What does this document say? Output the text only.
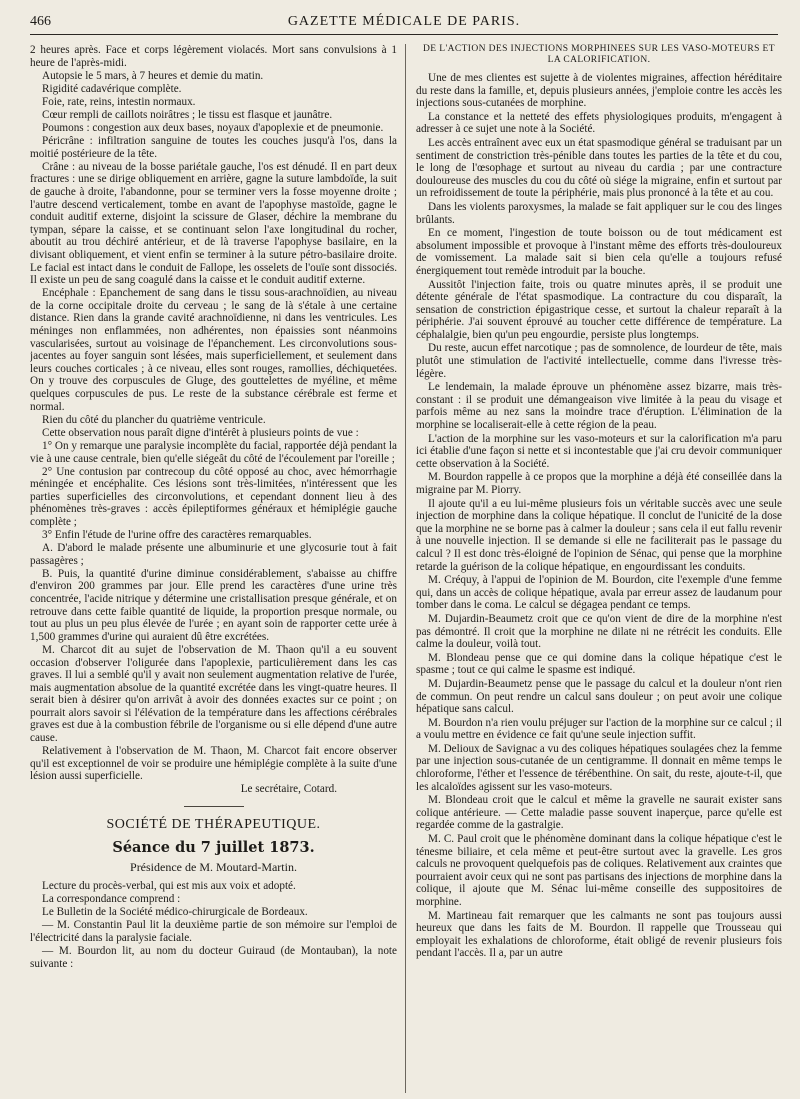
466	GAZETTE MÉDICALE DE PARIS.

2 heures après. Face et corps légèrement violacés. Mort sans convulsions à 1 heure de l'après-midi.

Autopsie le 5 mars, à 7 heures et demie du matin.

Rigidité cadavérique complète.

Foie, rate, reins, intestin normaux.

Cœur rempli de caillots noirâtres ; le tissu est flasque et jaunâtre.

Poumons : congestion aux deux bases, noyaux d'apoplexie et de pneumonie.

Péricrâne : infiltration sanguine de toutes les couches jusqu'à l'os, dans la moitié postérieure de la tête.

Crâne : au niveau de la bosse pariétale gauche, l'os est dénudé. Il en part deux fractures : une se dirige obliquement en arrière, gagne la suture lambdoïde, la suit de gauche à droite, l'abandonne, pour se terminer vers la fosse moyenne droite ; l'autre descend verticalement, tombe en avant de l'apophyse mastoïde, gagne le conduit auditif externe, disjoint la scissure de Glaser, déchire la membrane du tympan, sépare la caisse, et se continuant selon l'axe longitudinal du rocher, aboutit au trou déchiré antérieur, et de là traverse l'apophyse basilaire, en la divisant obliquement, et vient enfin se terminer à la suture pétro-basilaire droite. Le facial est intact dans le conduit de Fallope, les osselets de l'ouïe sont dissociés. Il existe un peu de sang coagulé dans la caisse et le conduit auditif externe.

Encéphale : Epanchement de sang dans le tissu sous-arachnoïdien, au niveau de la corne occipitale droite du cerveau ; le sang de là s'étale à une certaine distance. Rien dans la grande cavité arachnoïdienne, ni dans les ventricules. Les méninges non enflammées, non adhérentes, non épaissies sont néanmoins vascularisées, surtout au voisinage de l'épanchement. Les circonvolutions sous-jacentes au foyer sanguin sont lésées, mais superficiellement, et seulement dans leurs couches corticales ; à ce niveau, elles sont rouges, ramollies, déchiquetées. On y trouve des corpuscules de Gluge, des gouttelettes de myéline, et même quelques corpuscules de pus. Le reste de la substance cérébrale est ferme et normal.

Rien du côté du plancher du quatrième ventricule.

Cette observation nous paraît digne d'intérêt à plusieurs points de vue :

1° On y remarque une paralysie incomplète du facial, rapportée déjà pendant la vie à une cause centrale, bien qu'elle siégeât du côté de l'écoulement par l'oreille ;

2° Une contusion par contrecoup du côté opposé au choc, avec hémorrhagie méningée et encéphalite. Ces lésions sont très-limitées, n'intéressent que les parties superficielles des circonvolutions, et cependant donnent lieu à des phénomènes très-graves : accès épileptiformes généraux et hémiplégie gauche complète ;

3° Enfin l'étude de l'urine offre des caractères remarquables.

A. D'abord le malade présente une albuminurie et une glycosurie tout à fait passagères ;

B. Puis, la quantité d'urine diminue considérablement, s'abaisse au chiffre d'environ 200 grammes par jour. Elle prend les caractères d'une urine très concentrée, l'acide nitrique y détermine une cristallisation presque générale, et on retrouve dans cette faible quantité de liquide, la proportion presque normale, ou tout au plus un peu plus élevée de l'urée ; en ayant soin de rapporter cette urée à 1,500 grammes d'urine qui auraient dû être excrétées.

M. Charcot dit au sujet de l'observation de M. Thaon qu'il a eu souvent occasion d'observer l'oligurée dans l'apoplexie, particulièrement dans les cas graves. Il lui a semblé qu'il y avait non seulement augmentation relative de l'urée, mais augmentation absolue de la quantité excrétée dans les vingt-quatre heures. Il serait bien à désirer qu'on arrivât à avoir des données exactes sur ce point ; on pourrait alors savoir si l'élévation de la température dans les affections cérébrales graves est due à la combustion fébrile de l'organisme ou si elle dépend d'une autre cause.

Relativement à l'observation de M. Thaon, M. Charcot fait encore observer qu'il est exceptionnel de voir se produire une hémiplégie complète à la suite d'une lésion aussi superficielle.

Le secrétaire, Cotard.

SOCIÉTÉ DE THÉRAPEUTIQUE.
Séance du 7 juillet 1873.
Présidence de M. Moutard-Martin.

Lecture du procès-verbal, qui est mis aux voix et adopté.

La correspondance comprend :

Le Bulletin de la Société médico-chirurgicale de Bordeaux.

— M. Constantin Paul lit la deuxième partie de son mémoire sur l'emploi de l'électricité dans la paralysie faciale.

— M. Bourdon lit, au nom du docteur Guiraud (de Montauban), la note suivante :

DE L'ACTION DES INJECTIONS MORPHINÉES SUR LES VASO-MOTEURS ET LA CALORIFICATION.

Une de mes clientes est sujette à de violentes migraines, affection héréditaire du reste dans la famille, et, depuis plusieurs années, j'emploie contre les accès les injections sous-cutanées de morphine.

La constance et la netteté des effets physiologiques produits, m'engagent à adresser à ce sujet une note à la Société.

Les accès entraînent avec eux un état spasmodique général se traduisant par un sentiment de constriction très-pénible dans toutes les parties de la tête et du cou, le long de l'œsophage et surtout au niveau du cardia ; par une contracture douloureuse des muscles du cou du côté où siége la migraine, enfin et surtout par un refroidissement de toute la périphérie, mais plus prononcé à la tête et au cou.

Dans les violents paroxysmes, la malade se fait appliquer sur le cou des linges brûlants.

En ce moment, l'ingestion de toute boisson ou de tout médicament est absolument impossible et provoque à l'instant même des efforts très-douloureux de vomissement. La malade sait si bien cela qu'elle a toujours refusé énergiquement tout remède introduit par la bouche.

Aussitôt l'injection faite, trois ou quatre minutes après, il se produit une détente générale de l'état spasmodique. La contracture du cou disparaît, la sensation de constriction épigastrique cesse, et surtout la chaleur reparaît à la périphérie. J'ai souvent éprouvé au toucher cette différence de température. La céphalalgie, bien qu'un peu engourdie, persiste plus longtemps.

Du reste, aucun effet narcotique ; pas de somnolence, de lourdeur de tête, mais plutôt une stimulation de l'activité intellectuelle, comme dans l'ivresse très-légère.

Le lendemain, la malade éprouve un phénomène assez bizarre, mais très-constant : il se produit une démangeaison vive limitée à la peau du visage et parfois même au nez sans la moindre trace d'éruption. L'élimination de la morphine se localiserait-elle à cette région de la peau.

L'action de la morphine sur les vaso-moteurs et sur la calorification m'a paru ici établie d'une façon si nette et si incontestable que j'ai cru devoir communiquer cette observation à la Société.

M. Bourdon rappelle à ce propos que la morphine a déjà été conseillée dans la migraine par M. Piorry.

Il ajoute qu'il a eu lui-même plusieurs fois un véritable succès avec une seule injection de morphine dans la colique hépatique. Il conclut de l'unicité de la dose que la morphine ne se borne pas à calmer la douleur ; sans cela il eut fallu revenir à une nouvelle injection. Il se demande si elle ne faciliterait pas le passage du calcul ? Il est donc très-éloigné de l'opinion de Sénac, qui pense que la morphine retarde la guérison de la colique hépatique, en engourdissant les conduits.

M. Créquy, à l'appui de l'opinion de M. Bourdon, cite l'exemple d'une femme qui, dans un accès de colique hépatique, avala par erreur assez de laudanum pour tomber dans le coma. Le calcul se dégagea pendant ce temps.

M. Dujardin-Beaumetz croit que ce qu'on vient de dire de la morphine n'est pas démontré. Il croit que la morphine ne dilate ni ne rétrécit les conduits. Elle calme la douleur, voilà tout.

M. Blondeau pense que ce qui domine dans la colique hépatique c'est le spasme ; tout ce qui calme le spasme est indiqué.

M. Dujardin-Beaumetz pense que le passage du calcul et la douleur n'ont rien de commun. On peut rendre un calcul sans douleur ; on peut avoir une colique hépatique sans calcul.

M. Bourdon n'a rien voulu préjuger sur l'action de la morphine sur ce calcul ; il a voulu mettre en évidence ce fait qu'une seule injection suffit.

M. Delioux de Savignac a vu des coliques hépatiques soulagées chez la femme par une injection sous-cutanée de un centigramme. Il donnait en même temps le chloroforme, l'éther et l'essence de térébenthine. On sait, du reste, ajoute-t-il, que les alcaloïdes agissent sur les vaso-moteurs.

M. Blondeau croit que le calcul et même la gravelle ne saurait exister sans colique antérieure. — Cette maladie passe souvent inaperçue, parce qu'elle est regardée comme de la gastralgie.

M. C. Paul croit que le phénomène dominant dans la colique hépatique c'est le ténesme biliaire, et cela même et peut-être surtout avec la gravelle. Les gros calculs ne provoquent quelquefois pas de coliques. Relativement aux craintes que pourraient avoir ceux qui ne sont pas partisans des injections de morphine dans la colique, il ajoute que M. Sénac lui-même conseille des suppositoires de morphine.

M. Martineau fait remarquer que les calmants ne sont pas toujours aussi heureux que dans les faits de M. Bourdon. Il rappelle que Trousseau qui employait les exhalations de chloroforme, était obligé de revenir plusieurs fois pendant l'accès. Il a, par un autre
